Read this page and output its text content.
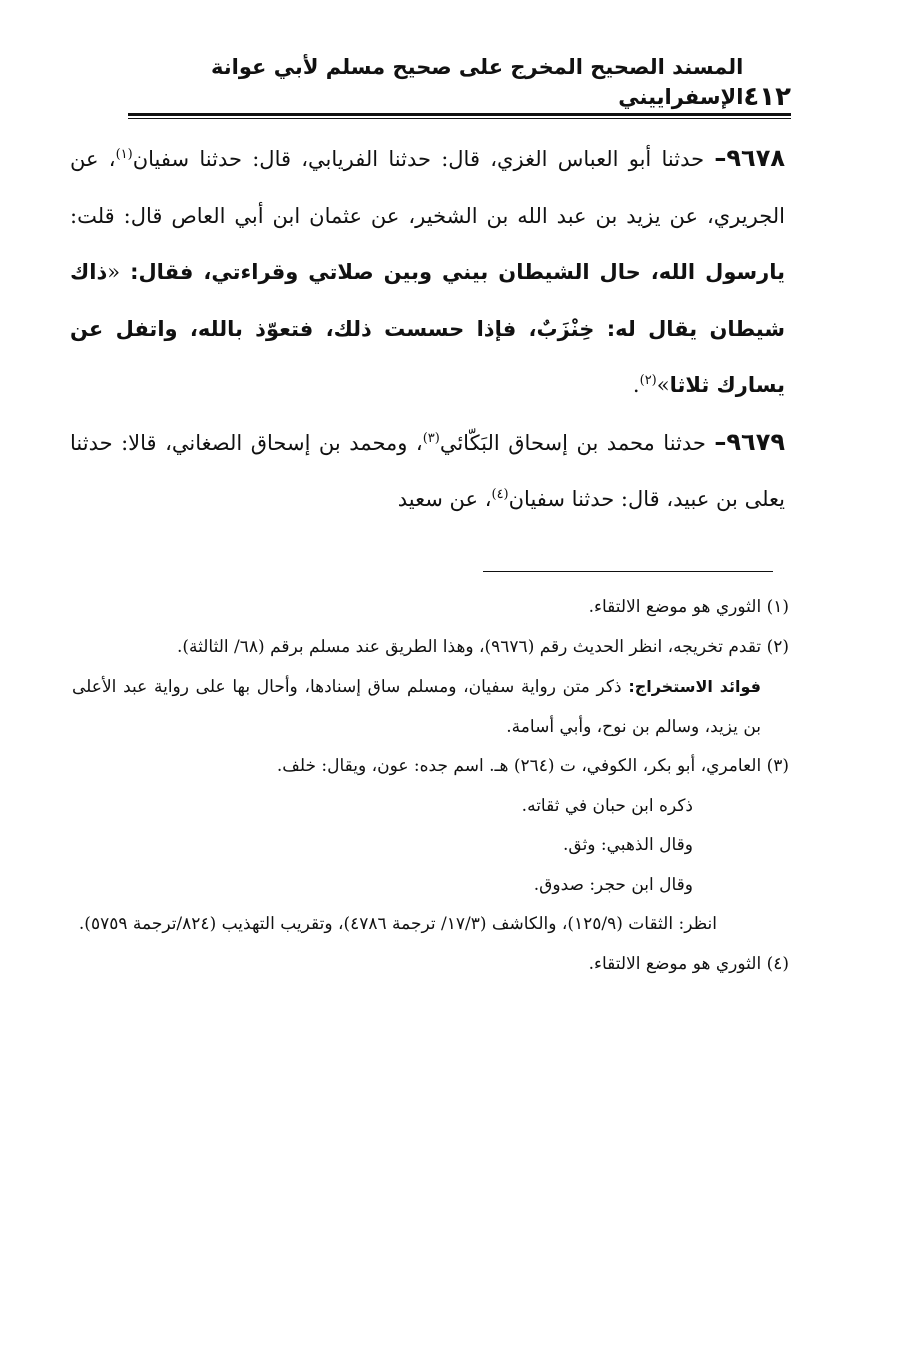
٤١٢
المسند الصحيح المخرج على صحيح مسلم لأبي عوانة الإسفراييني

٩٦٧٨– حدثنا أبو العباس الغزي، قال: حدثنا الفريابي، قال: حدثنا سفيان$^{(١)}$، عن الجريري، عن يزيد بن عبد الله بن الشخير، عن عثمان ابن أبي العاص قال: قلت: يارسول الله، حال الشيطان بيني وبين صلاتي وقراءتي، فقال: «ذاك شيطان يقال له: خِنْزَبٌ، فإذا حسست ذلك، فتعوّذ بالله، واتفل عن يسارك ثلاثا»$^{(٢)}$.

٩٦٧٩– حدثنا محمد بن إسحاق البَكّائي$^{(٣)}$، ومحمد بن إسحاق الصغاني، قالا: حدثنا يعلى بن عبيد، قال: حدثنا سفيان$^{(٤)}$، عن سعيد

(١) الثوري هو موضع الالتقاء.

(٢) تقدم تخريجه، انظر الحديث رقم (٩٦٧٦)، وهذا الطريق عند مسلم برقم (٦٨/ الثالثة).

فوائد الاستخراج: ذكر متن رواية سفيان، ومسلم ساق إسنادها، وأحال بها على رواية عبد الأعلى بن يزيد، وسالم بن نوح، وأبي أسامة.

(٣) العامري، أبو بكر، الكوفي، ت (٢٦٤) هـ. اسم جده: عون، ويقال: خلف.

ذكره ابن حبان في ثقاته.

وقال الذهبي: وثق.

وقال ابن حجر: صدوق.

انظر: الثقات (١٢٥/٩)، والكاشف (١٧/٣/ ترجمة ٤٧٨٦)، وتقريب التهذيب (٨٢٤/ترجمة ٥٧٥٩).

(٤) الثوري هو موضع الالتقاء.
